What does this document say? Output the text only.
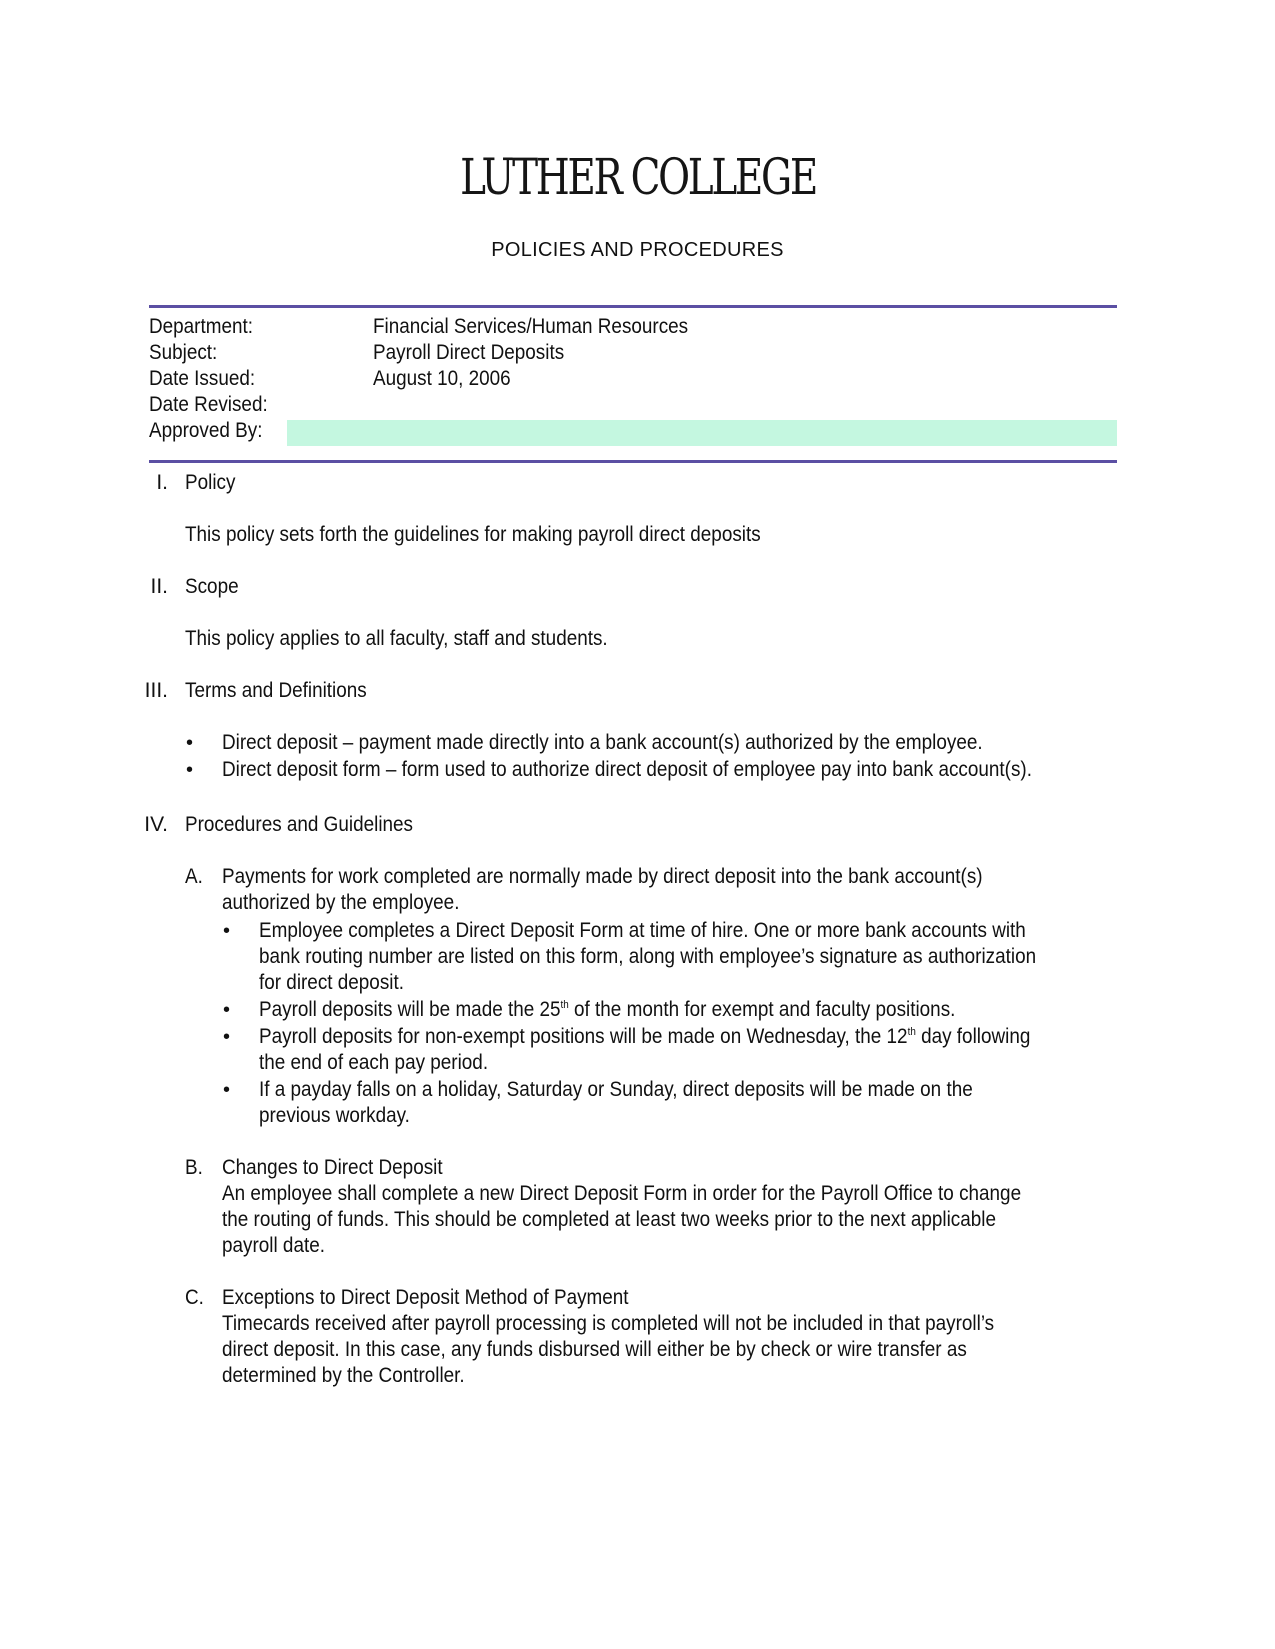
LUTHER COLLEGE
POLICIES AND PROCEDURES
Department:	Financial Services/Human Resources
Subject:	Payroll Direct Deposits
Date Issued:	August 10, 2006
Date Revised:
Approved By:
I. Policy
This policy sets forth the guidelines for making payroll direct deposits
II. Scope
This policy applies to all faculty, staff and students.
III. Terms and Definitions
• Direct deposit – payment made directly into a bank account(s) authorized by the employee.
• Direct deposit form – form used to authorize direct deposit of employee pay into bank account(s).
IV. Procedures and Guidelines
A. Payments for work completed are normally made by direct deposit into the bank account(s)
authorized by the employee.
• Employee completes a Direct Deposit Form at time of hire. One or more bank accounts with
bank routing number are listed on this form, along with employee’s signature as authorization
for direct deposit.
• Payroll deposits will be made the 25th of the month for exempt and faculty positions.
• Payroll deposits for non-exempt positions will be made on Wednesday, the 12th day following
the end of each pay period.
• If a payday falls on a holiday, Saturday or Sunday, direct deposits will be made on the
previous workday.
B. Changes to Direct Deposit
An employee shall complete a new Direct Deposit Form in order for the Payroll Office to change
the routing of funds. This should be completed at least two weeks prior to the next applicable
payroll date.
C. Exceptions to Direct Deposit Method of Payment
Timecards received after payroll processing is completed will not be included in that payroll’s
direct deposit. In this case, any funds disbursed will either be by check or wire transfer as
determined by the Controller.
